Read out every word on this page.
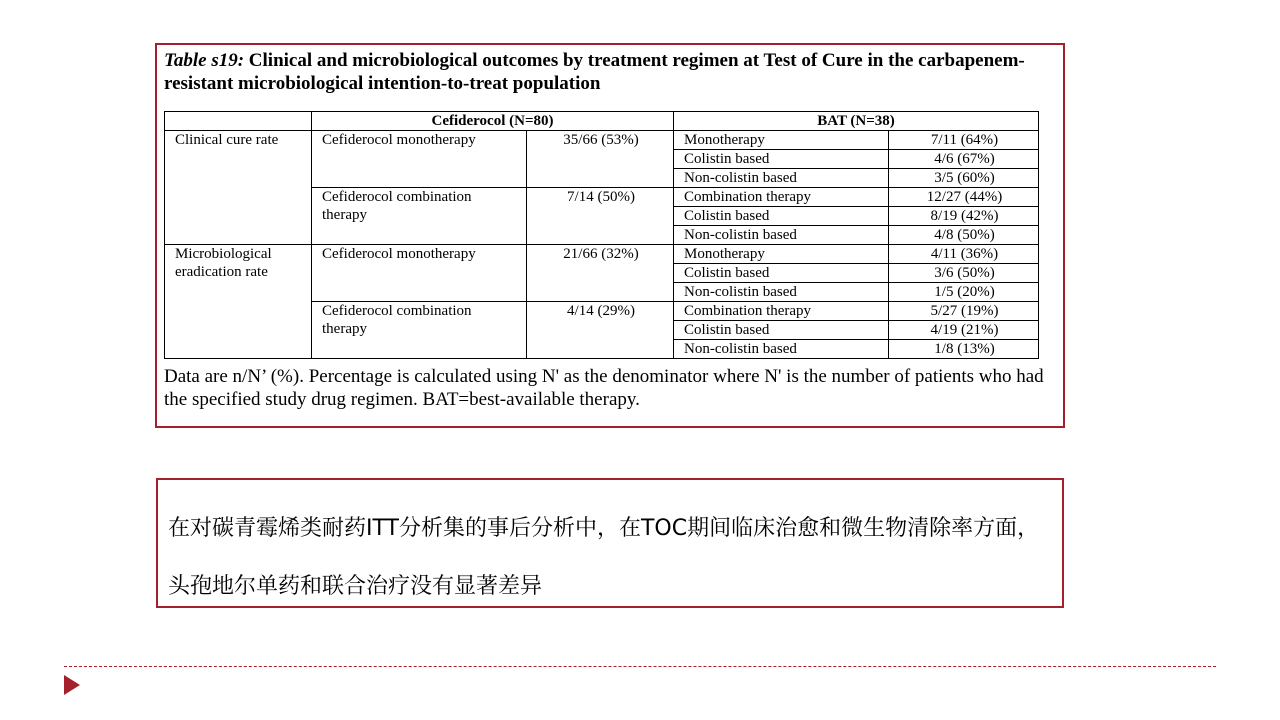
Table s19: Clinical and microbiological outcomes by treatment regimen at Test of Cure in the carbapenem-resistant microbiological intention-to-treat population
	Cefiderocol (N=80)		BAT (N=38)	
Clinical cure rate	Cefiderocol monotherapy	35/66 (53%)	Monotherapy	7/11 (64%)
			Colistin based	4/6 (67%)
			Non-colistin based	3/5 (60%)
	Cefiderocol combination therapy	7/14 (50%)	Combination therapy	12/27 (44%)
			Colistin based	8/19 (42%)
			Non-colistin based	4/8 (50%)
Microbiological eradication rate	Cefiderocol monotherapy	21/66 (32%)	Monotherapy	4/11 (36%)
			Colistin based	3/6 (50%)
			Non-colistin based	1/5 (20%)
	Cefiderocol combination therapy	4/14 (29%)	Combination therapy	5/27 (19%)
			Colistin based	4/19 (21%)
			Non-colistin based	1/8 (13%)
Data are n/N’ (%). Percentage is calculated using N' as the denominator where N' is the number of patients who had the specified study drug regimen. BAT=best-available therapy.
在对碳青霉烯类耐药ITT分析集的事后分析中，在TOC期间临床治愈和微生物清除率方面，头孢地尔单药和联合治疗没有显著差异
